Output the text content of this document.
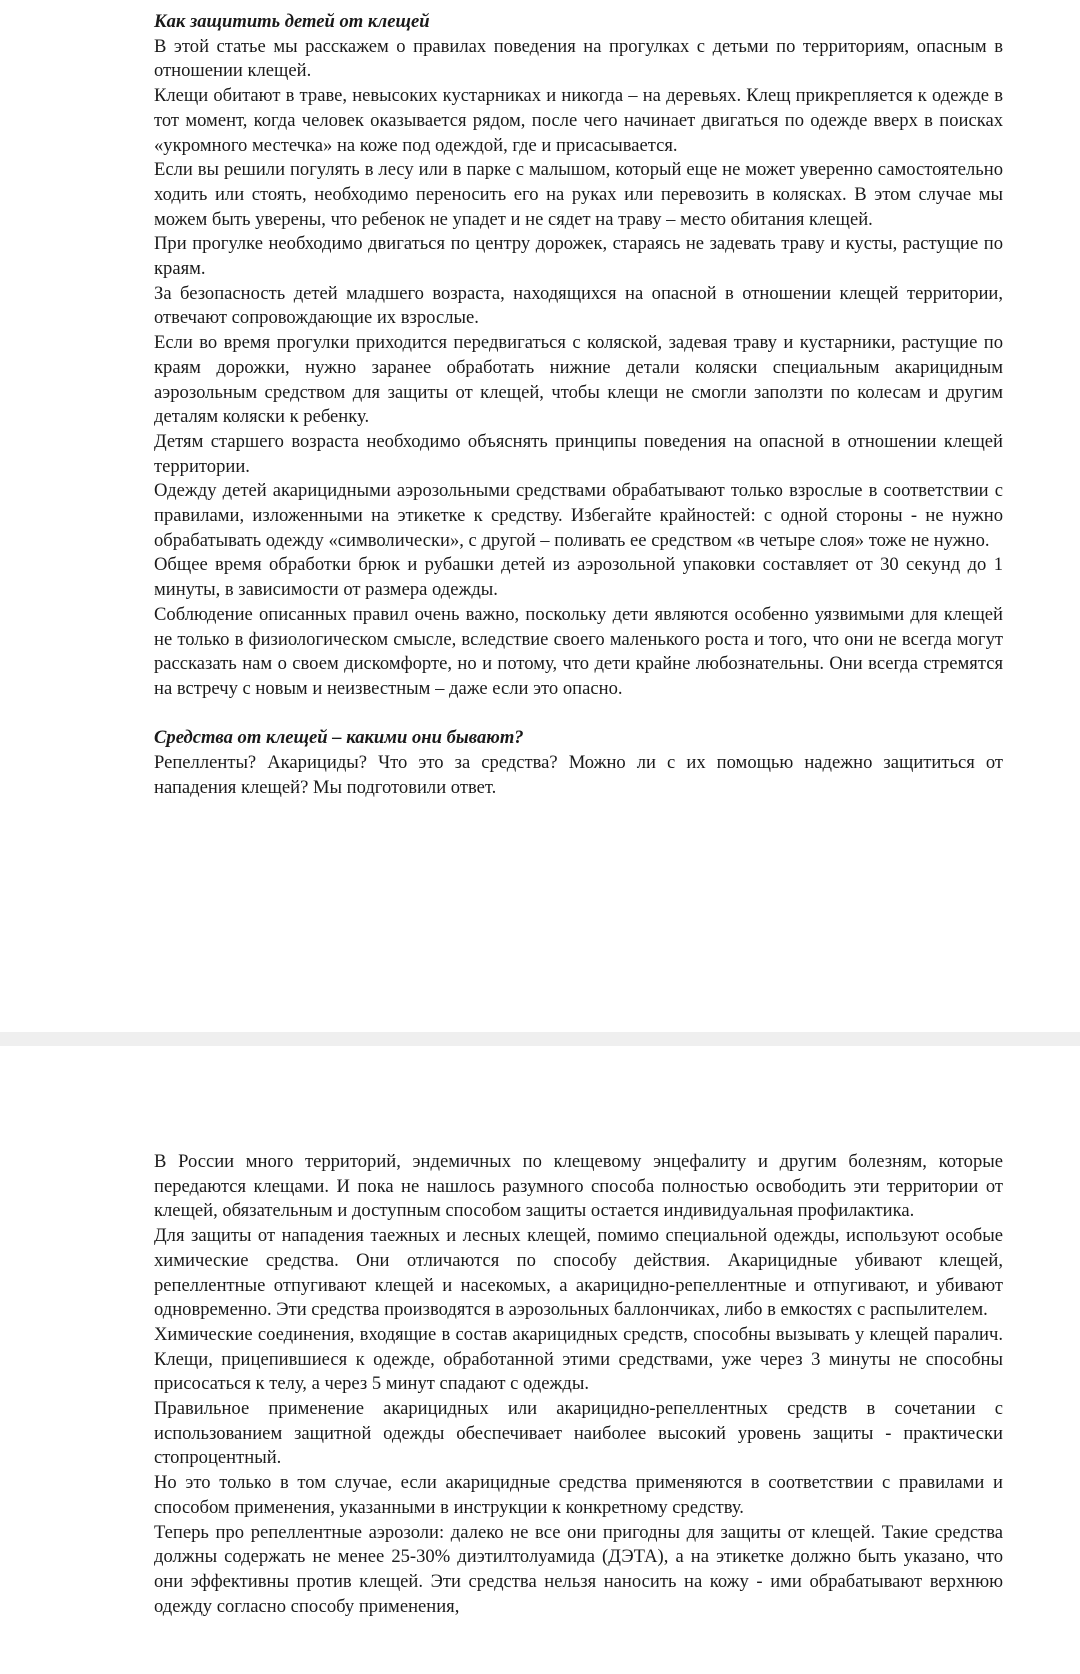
Как защитить детей от клещей

В этой статье мы расскажем о правилах поведения на прогулках с детьми по территориям, опасным в отношении клещей.

Клещи обитают в траве, невысоких кустарниках и никогда – на деревьях. Клещ прикрепляется к одежде в тот момент, когда человек оказывается рядом, после чего начинает двигаться по одежде вверх в поисках «укромного местечка» на коже под одеждой, где и присасывается.

Если вы решили погулять в лесу или в парке с малышом, который еще не может уверенно самостоятельно ходить или стоять, необходимо переносить его на руках или перевозить в колясках. В этом случае мы можем быть уверены, что ребенок не упадет и не сядет на траву – место обитания клещей.

При прогулке необходимо двигаться по центру дорожек, стараясь не задевать траву и кусты, растущие по краям.

За безопасность детей младшего возраста, находящихся на опасной в отношении клещей территории, отвечают сопровождающие их взрослые.

Если во время прогулки приходится передвигаться с коляской, задевая траву и кустарники, растущие по краям дорожки, нужно заранее обработать нижние детали коляски специальным акарицидным аэрозольным средством для защиты от клещей, чтобы клещи не смогли заползти по колесам и другим деталям коляски к ребенку.

Детям старшего возраста необходимо объяснять принципы поведения на опасной в отношении клещей территории.

Одежду детей акарицидными аэрозольными средствами обрабатывают только взрослые в соответствии с правилами, изложенными на этикетке к средству. Избегайте крайностей: с одной стороны - не нужно обрабатывать одежду «символически», с другой – поливать ее средством «в четыре слоя» тоже не нужно.

Общее время обработки брюк и рубашки детей из аэрозольной упаковки составляет от 30 секунд до 1 минуты, в зависимости от размера одежды.

Соблюдение описанных правил очень важно, поскольку дети являются особенно уязвимыми для клещей не только в физиологическом смысле, вследствие своего маленького роста и того, что они не всегда могут рассказать нам о своем дискомфорте, но и потому, что дети крайне любознательны. Они всегда стремятся на встречу с новым и неизвестным – даже если это опасно.

Средства от клещей – какими они бывают?

Репелленты? Акарициды? Что это за средства? Можно ли с их помощью надежно защититься от нападения клещей? Мы подготовили ответ.

В России много территорий, эндемичных по клещевому энцефалиту и другим болезням, которые передаются клещами. И пока не нашлось разумного способа полностью освободить эти территории от клещей, обязательным и доступным способом защиты остается индивидуальная профилактика.

Для защиты от нападения таежных и лесных клещей, помимо специальной одежды, используют особые химические средства. Они отличаются по способу действия. Акарицидные убивают клещей, репеллентные отпугивают клещей и насекомых, а акарицидно-репеллентные и отпугивают, и убивают одновременно. Эти средства производятся в аэрозольных баллончиках, либо в емкостях с распылителем.

Химические соединения, входящие в состав акарицидных средств, способны вызывать у клещей паралич. Клещи, прицепившиеся к одежде, обработанной этими средствами, уже через 3 минуты не способны присосаться к телу, а через 5 минут спадают с одежды.

Правильное применение акарицидных или акарицидно-репеллентных средств в сочетании с использованием защитной одежды обеспечивает наиболее высокий уровень защиты - практически стопроцентный.

Но это только в том случае, если акарицидные средства применяются в соответствии с правилами и способом применения, указанными в инструкции к конкретному средству.

Теперь про репеллентные аэрозоли: далеко не все они пригодны для защиты от клещей. Такие средства должны содержать не менее 25-30% диэтилтолуамида (ДЭТА), а на этикетке должно быть указано, что они эффективны против клещей. Эти средства нельзя наносить на кожу - ими обрабатывают верхнюю одежду согласно способу применения,
